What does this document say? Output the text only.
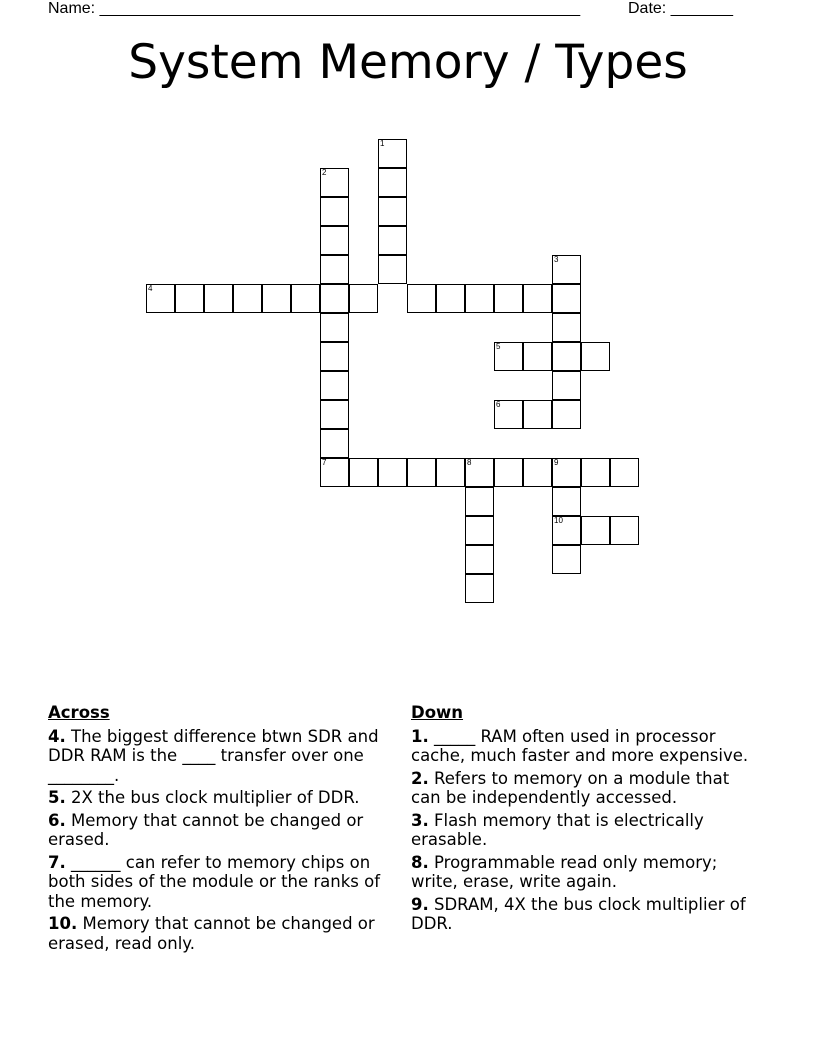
Name: ______________________________________________________	Date: _______
System Memory / Types
1
2
7
3
4
5
6
8	9
10
Across
4. The biggest difference btwn SDR and DDR RAM is the ____ transfer over one ________.
5. 2X the bus clock multiplier of DDR.
6. Memory that cannot be changed or erased.
7. ______ can refer to memory chips on both sides of the module or the ranks of the memory.
10. Memory that cannot be changed or erased, read only.
Down
1. _____ RAM often used in processor cache, much faster and more expensive.
2. Refers to memory on a module that can be independently accessed.
3. Flash memory that is electrically erasable.
8. Programmable read only memory; write, erase, write again.
9. SDRAM, 4X the bus clock multiplier of DDR.
